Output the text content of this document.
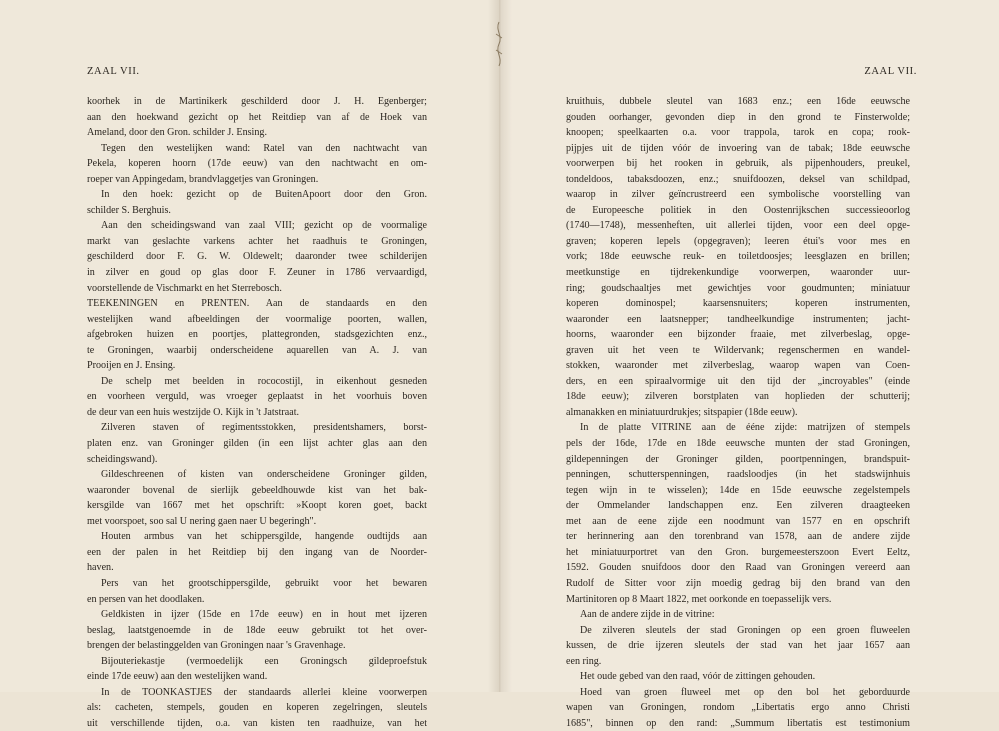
ZAAL VII.
koorhek in de Martinikerk geschilderd door J. H. Egenberger;
aan den hoekwand gezicht op het Reitdiep van af de Hoek van
Ameland, door den Gron. schilder J. Ensing.
Tegen den westelijken wand: Ratel van den nachtwacht van
Pekela, koperen hoorn (17de eeuw) van den nachtwacht en om-
roeper van Appingedam, brandvlaggetjes van Groningen.
In den hoek: gezicht op de BuitenApoort door den Gron.
schilder S. Berghuis.
Aan den scheidingswand van zaal VIII; gezicht op de voormalige
markt van geslachte varkens achter het raadhuis te Groningen,
geschilderd door F. G. W. Oldewelt; daaronder twee schilderijen
in zilver en goud op glas door F. Zeuner in 1786 vervaardigd,
voorstellende de Vischmarkt en het Sterrebosch.
TEEKENINGEN en PRENTEN. Aan de standaards en den
westelijken wand afbeeldingen der voormalige poorten, wallen,
afgebroken huizen en poortjes, plattegronden, stadsgezichten enz.,
te Groningen, waarbij onderscheidene aquarellen van A. J. van
Prooijen en J. Ensing.
De schelp met beelden in rococostijl, in eikenhout gesneden
en voorheen verguld, was vroeger geplaatst in het voorhuis boven
de deur van een huis westzijde O. Kijk in 't Jatstraat.
Zilveren staven of regimentsstokken, presidentshamers, borst-
platen enz. van Groninger gilden (in een lijst achter glas aan den
scheidingswand).
Gildeschreenen of kisten van onderscheidene Groninger gilden,
waaronder bovenal de sierlijk gebeeldhouwde kist van het bak-
kersgilde van 1667 met het opschrift: »Koopt koren goet, backt
met voorspoet, soo sal U nering gaen naer U begeringh".
Houten armbus van het schippersgilde, hangende oudtijds aan
een der palen in het Reitdiep bij den ingang van de Noorder-
haven.
Pers van het grootschippersgilde, gebruikt voor het bewaren
en persen van het doodlaken.
Geldkisten in ijzer (15de en 17de eeuw) en in hout met ijzeren
beslag, laatstgenoemde in de 18de eeuw gebruikt tot het over-
brengen der belastinggelden van Groningen naar 's Gravenhage.
Bijouteriekastje (vermoedelijk een Groningsch gildeproefstuk
einde 17de eeuw) aan den westelijken wand.
In de TOONKASTJES der standaards allerlei kleine voorwerpen
als: cacheten, stempels, gouden en koperen zegelringen, sleutels
uit verschillende tijden, o.a. van kisten ten raadhuize, van het
ZAAL VII.
kruithuis, dubbele sleutel van 1683 enz.; een 16de eeuwsche
gouden oorhanger, gevonden diep in den grond te Finsterwolde;
knoopen; speelkaarten o.a. voor trappola, tarok en copa; rook-
pijpjes uit de tijden vóór de invoering van de tabak; 18de eeuwsche
voorwerpen bij het rooken in gebruik, als pijpenhouders, preukel,
tondeldoos, tabaksdoozen, enz.; snuifdoozen, deksel van schildpad,
waarop in zilver geïncrustreerd een symbolische voorstelling van
de Europeesche politiek in den Oostenrijkschen successieoorlog
(1740—1748), messenheften, uit allerlei tijden, voor een deel opge-
graven; koperen lepels (opgegraven); leeren étui's voor mes en
vork; 18de eeuwsche reuk- en toiletdoosjes; leesglazen en brillen;
meetkunstige en tijdrekenkundige voorwerpen, waaronder uur-
ring; goudschaaltjes met gewichtjes voor goudmunten; miniatuur
koperen dominospel; kaarsensnuiters; koperen instrumenten,
waaronder een laatsnepper; tandheelkundige instrumenten; jacht-
hoorns, waaronder een bijzonder fraaie, met zilverbeslag, opge-
graven uit het veen te Wildervank; regenschermen en wandel-
stokken, waaronder met zilverbeslag, waarop wapen van Coen-
ders, en een spiraalvormige uit den tijd der „incroyables" (einde
18de eeuw); zilveren borstplaten van hoplieden der schutterij;
almanakken en miniatuurdrukjes; sitspapier (18de eeuw).
In de platte VITRINE aan de ééne zijde: matrijzen of stempels
pels der 16de, 17de en 18de eeuwsche munten der stad Groningen,
gildepenningen der Groninger gilden, poortpenningen, brandspuit-
penningen, schutterspenningen, raadsloodjes (in het stadswijnhuis
tegen wijn in te wisselen); 14de en 15de eeuwsche zegelstempels
der Ommelander landschappen enz. Een zilveren draagteeken
met aan de eene zijde een noodmunt van 1577 en en opschrift
ter herinnering aan den torenbrand van 1578, aan de andere zijde
het miniatuurportret van den Gron. burgemeesterszoon Evert Eeltz,
1592. Gouden snuifdoos door den Raad van Groningen vereerd aan
Rudolf de Sitter voor zijn moedig gedrag bij den brand van den
Martinitoren op 8 Maart 1822, met oorkonde en toepasselijk vers.
Aan de andere zijde in de vitrine:
De zilveren sleutels der stad Groningen op een groen fluweelen
kussen, de drie ijzeren sleutels der stad van het jaar 1657 aan
een ring.
Het oude gebed van den raad, vóór de zittingen gehouden.
Hoed van groen fluweel met op den bol het geborduurde
wapen van Groningen, rondom „Libertatis ergo anno Christi
1685", binnen op den rand: „Summum libertatis est testimonium
